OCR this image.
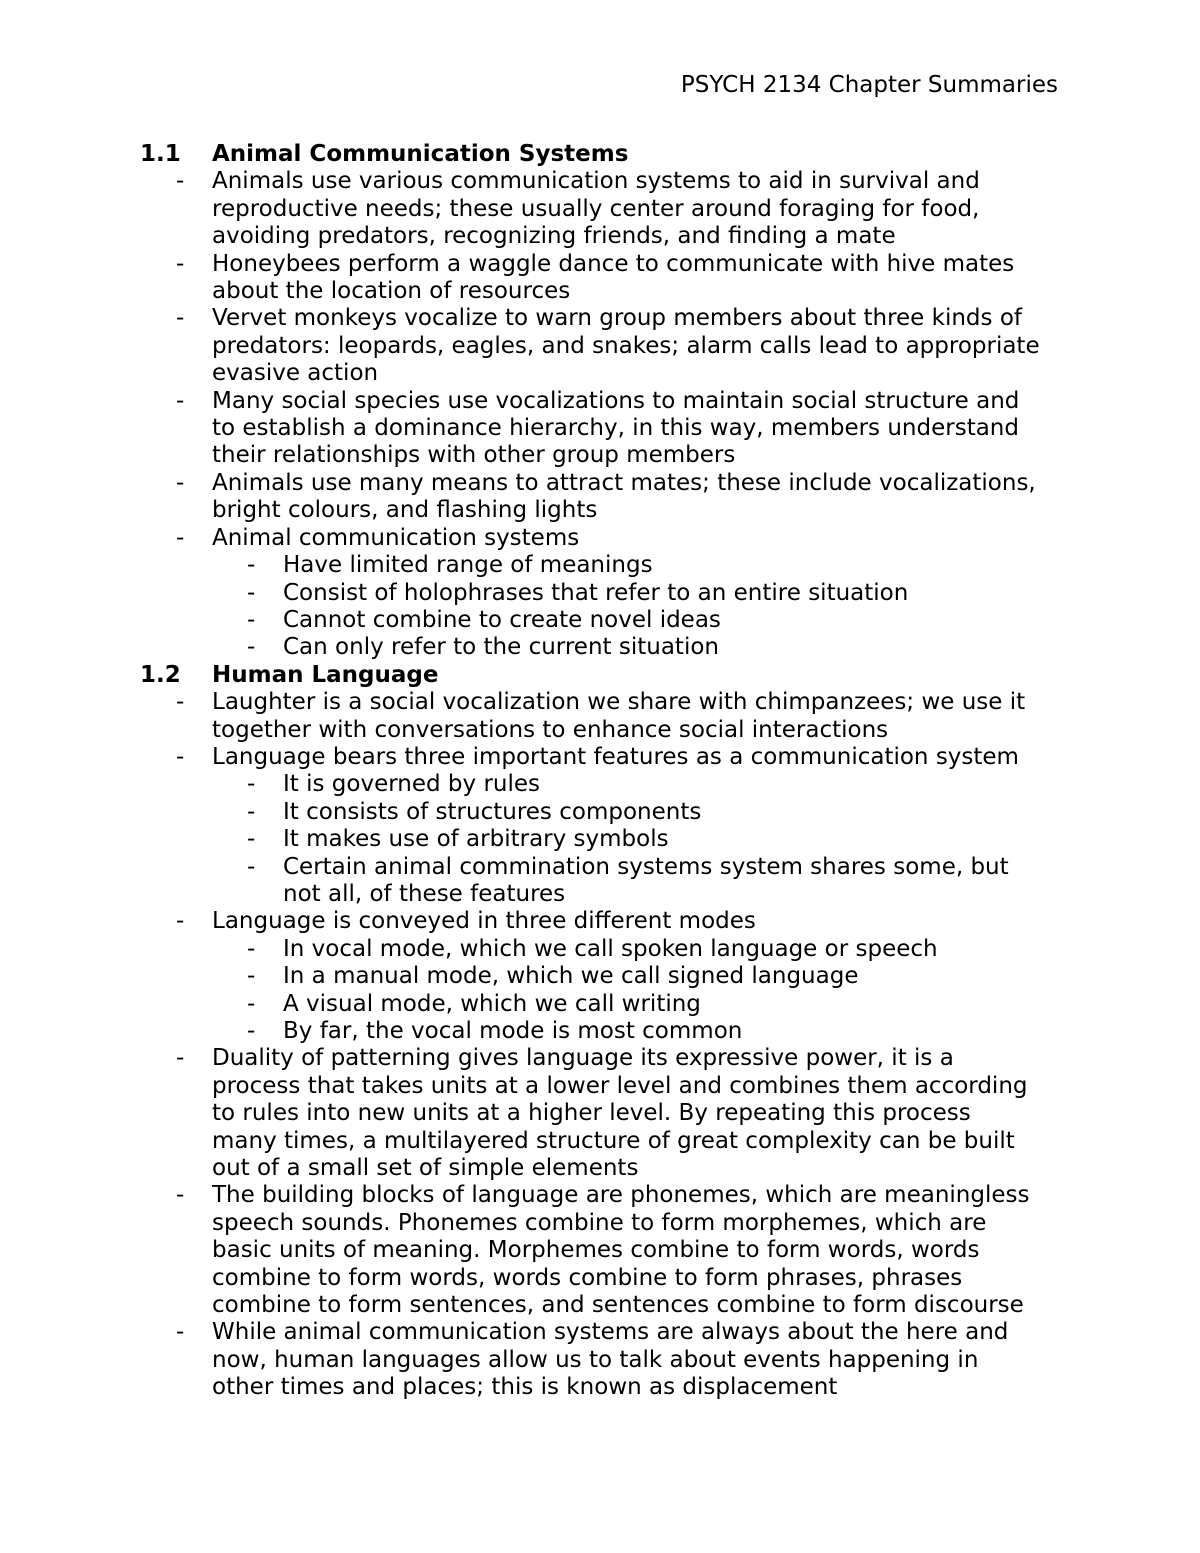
PSYCH 2134 Chapter Summaries
1.1	Animal Communication Systems
-	Animals use various communication systems to aid in survival and
reproductive needs; these usually center around foraging for food,
avoiding predators, recognizing friends, and finding a mate
-	Honeybees perform a waggle dance to communicate with hive mates
about the location of resources
-	Vervet monkeys vocalize to warn group members about three kinds of
predators: leopards, eagles, and snakes; alarm calls lead to appropriate
evasive action
-	Many social species use vocalizations to maintain social structure and
to establish a dominance hierarchy, in this way, members understand
their relationships with other group members
-	Animals use many means to attract mates; these include vocalizations,
bright colours, and flashing lights
-	Animal communication systems
-	Have limited range of meanings
-	Consist of holophrases that refer to an entire situation
-	Cannot combine to create novel ideas
-	Can only refer to the current situation
1.2	Human Language
-	Laughter is a social vocalization we share with chimpanzees; we use it
together with conversations to enhance social interactions
-	Language bears three important features as a communication system
-	It is governed by rules
-	It consists of structures components
-	It makes use of arbitrary symbols
-	Certain animal commination systems system shares some, but
not all, of these features
-	Language is conveyed in three different modes
-	In vocal mode, which we call spoken language or speech
-	In a manual mode, which we call signed language
-	A visual mode, which we call writing
-	By far, the vocal mode is most common
-	Duality of patterning gives language its expressive power, it is a
process that takes units at a lower level and combines them according
to rules into new units at a higher level. By repeating this process
many times, a multilayered structure of great complexity can be built
out of a small set of simple elements
-	The building blocks of language are phonemes, which are meaningless
speech sounds. Phonemes combine to form morphemes, which are
basic units of meaning. Morphemes combine to form words, words
combine to form words, words combine to form phrases, phrases
combine to form sentences, and sentences combine to form discourse
-	While animal communication systems are always about the here and
now, human languages allow us to talk about events happening in
other times and places; this is known as displacement
